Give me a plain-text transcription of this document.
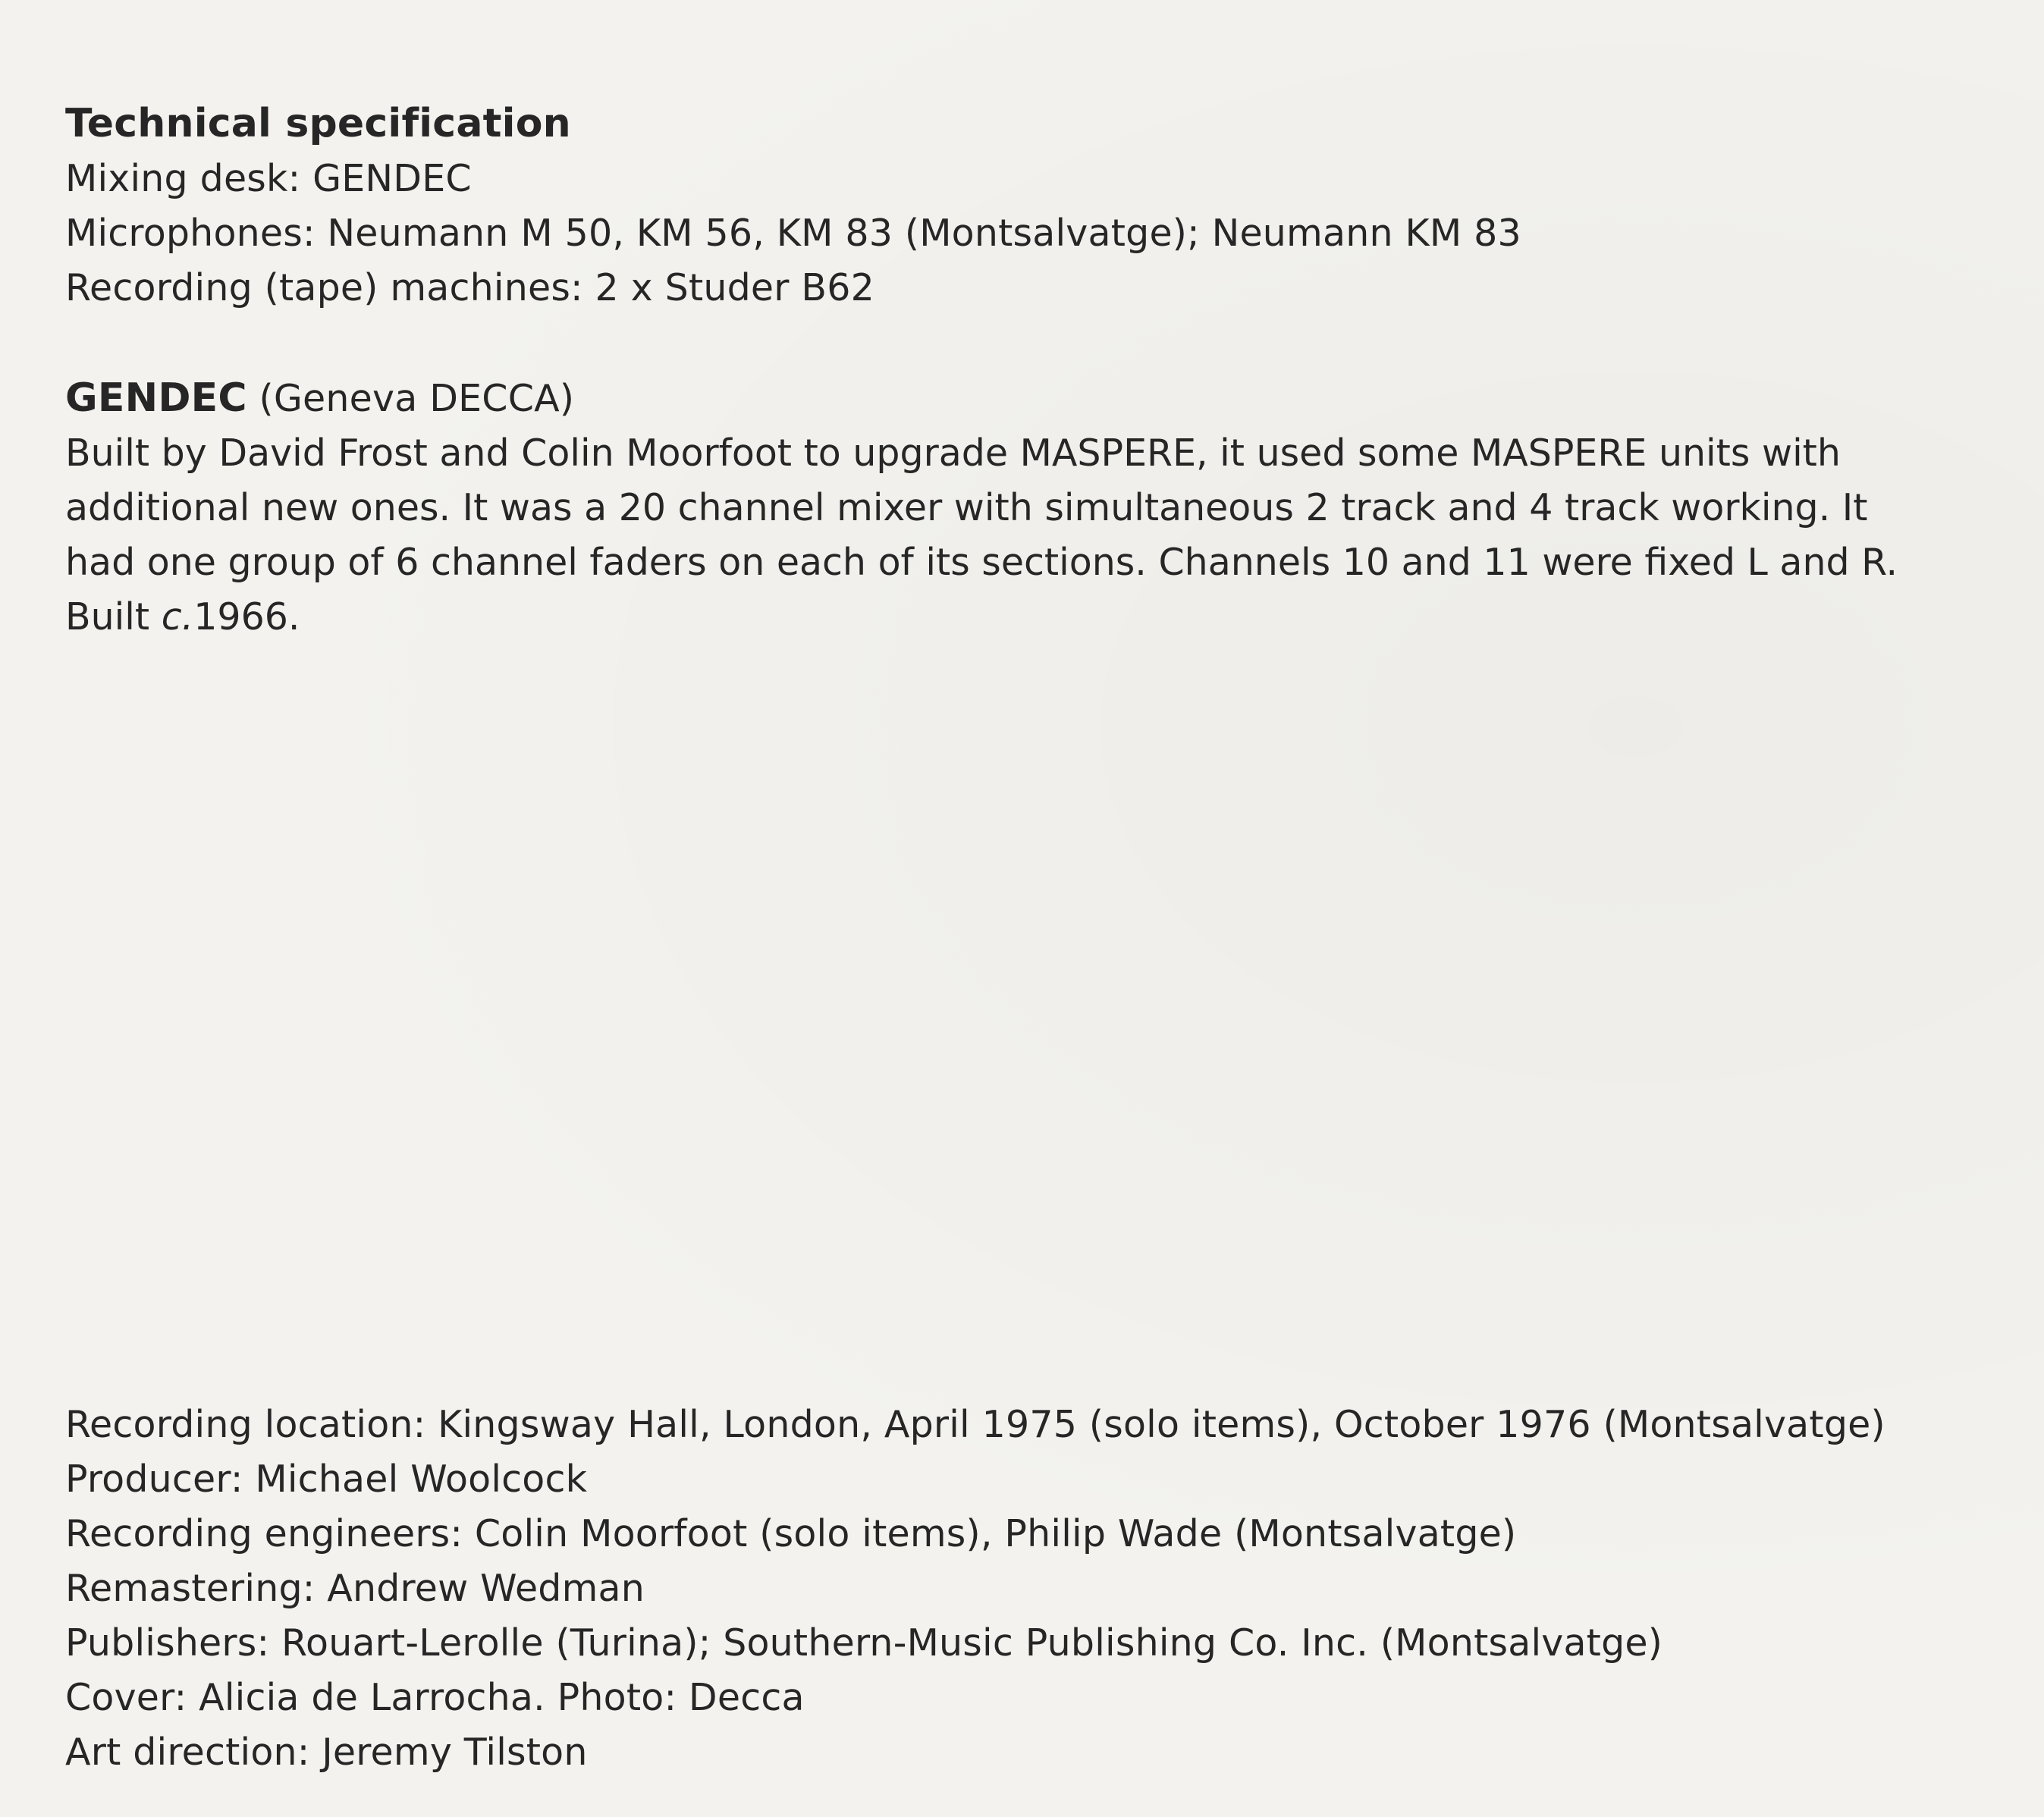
Technical specification
Mixing desk: GENDEC
Microphones: Neumann M 50, KM 56, KM 83 (Montsalvatge); Neumann KM 83
Recording (tape) machines: 2 x Studer B62
GENDEC (Geneva DECCA)
Built by David Frost and Colin Moorfoot to upgrade MASPERE, it used some MASPERE units with
additional new ones. It was a 20 channel mixer with simultaneous 2 track and 4 track working. It
had one group of 6 channel faders on each of its sections. Channels 10 and 11 were fixed L and R.
Built c.1966.
Recording location: Kingsway Hall, London, April 1975 (solo items), October 1976 (Montsalvatge)
Producer: Michael Woolcock
Recording engineers: Colin Moorfoot (solo items), Philip Wade (Montsalvatge)
Remastering: Andrew Wedman
Publishers: Rouart-Lerolle (Turina); Southern-Music Publishing Co. Inc. (Montsalvatge)
Cover: Alicia de Larrocha. Photo: Decca
Art direction: Jeremy Tilston
